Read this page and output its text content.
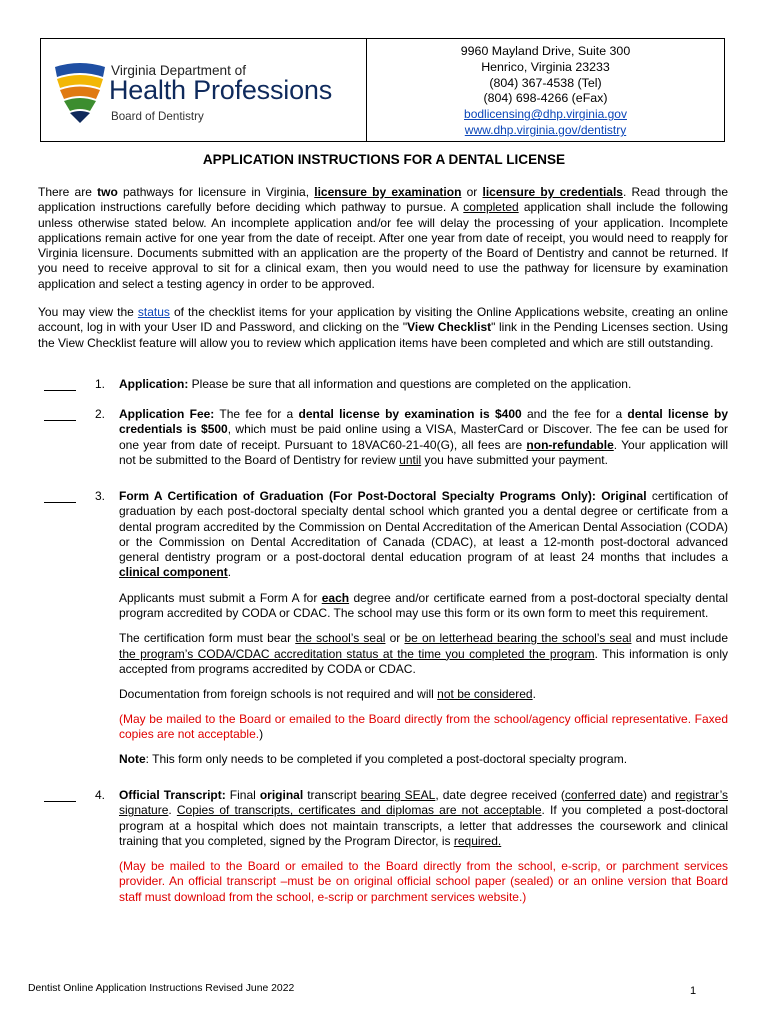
Virginia Department of
Health Professions
Board of Dentistry
9960 Mayland Drive, Suite 300
Henrico, Virginia 23233
(804) 367-4538 (Tel)
(804) 698-4266 (eFax)
bodlicensing@dhp.virginia.gov
www.dhp.virginia.gov/dentistry
APPLICATION INSTRUCTIONS FOR A DENTAL LICENSE
There are two pathways for licensure in Virginia, licensure by examination or licensure by credentials. Read through the application instructions carefully before deciding which pathway to pursue. A completed application shall include the following unless otherwise stated below. An incomplete application and/or fee will delay the processing of your application. Incomplete applications remain active for one year from the date of receipt. After one year from date of receipt, you would need to reapply for Virginia licensure. Documents submitted with an application are the property of the Board of Dentistry and cannot be returned. If you need to receive approval to sit for a clinical exam, then you would need to use the pathway for licensure by examination application and select a testing agency in order to be approved.
You may view the status of the checklist items for your application by visiting the Online Applications website, creating an online account, log in with your User ID and Password, and clicking on the "View Checklist" link in the Pending Licenses section. Using the View Checklist feature will allow you to review which application items have been completed and which are still outstanding.
1. Application: Please be sure that all information and questions are completed on the application.
2. Application Fee: The fee for a dental license by examination is $400 and the fee for a dental license by credentials is $500, which must be paid online using a VISA, MasterCard or Discover. The fee can be used for one year from date of receipt. Pursuant to 18VAC60-21-40(G), all fees are non-refundable. Your application will not be submitted to the Board of Dentistry for review until you have submitted your payment.
3. Form A Certification of Graduation (For Post-Doctoral Specialty Programs Only): Original certification of graduation by each post-doctoral specialty dental school which granted you a dental degree or certificate from a dental program accredited by the Commission on Dental Accreditation of the American Dental Association (CODA) or the Commission on Dental Accreditation of Canada (CDAC), at least a 12-month post-doctoral advanced general dentistry program or a post-doctoral dental education program of at least 24 months that includes a clinical component.

Applicants must submit a Form A for each degree and/or certificate earned from a post-doctoral specialty dental program accredited by CODA or CDAC. The school may use this form or its own form to meet this requirement.

The certification form must bear the school’s seal or be on letterhead bearing the school’s seal and must include the program’s CODA/CDAC accreditation status at the time you completed the program. This information is only accepted from programs accredited by CODA or CDAC.

Documentation from foreign schools is not required and will not be considered.

(May be mailed to the Board or emailed to the Board directly from the school/agency official representative. Faxed copies are not acceptable.)

Note: This form only needs to be completed if you completed a post-doctoral specialty program.

4. Official Transcript: Final original transcript bearing SEAL, date degree received (conferred date) and registrar’s signature. Copies of transcripts, certificates and diplomas are not acceptable. If you completed a post-doctoral program at a hospital which does not maintain transcripts, a letter that addresses the coursework and clinical training that you completed, signed by the Program Director, is required.

(May be mailed to the Board or emailed to the Board directly from the school, e-scrip, or parchment services provider. An official transcript –must be on original official school paper (sealed) or an online version that Board staff must download from the school, e-scrip or parchment services website.)

Dentist Online Application Instructions Revised June 2022	1
